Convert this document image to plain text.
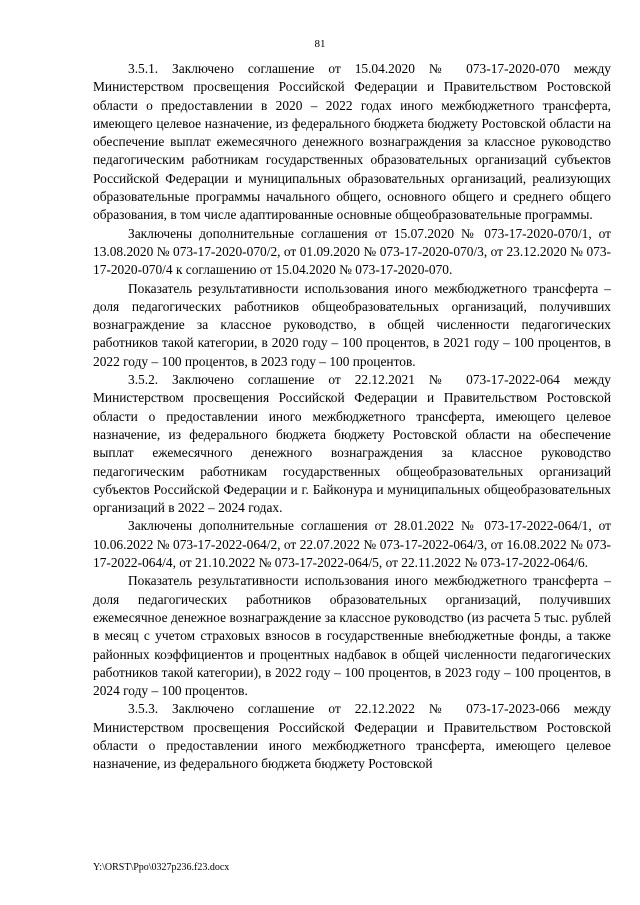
81

3.5.1. Заключено соглашение от 15.04.2020 № 073-17-2020-070 между Министерством просвещения Российской Федерации и Правительством Ростовской области о предоставлении в 2020 – 2022 годах иного межбюджетного трансферта, имеющего целевое назначение, из федерального бюджета бюджету Ростовской области на обеспечение выплат ежемесячного денежного вознаграждения за классное руководство педагогическим работникам государственных образовательных организаций субъектов Российской Федерации и муниципальных образовательных организаций, реализующих образовательные программы начального общего, основного общего и среднего общего образования, в том числе адаптированные основные общеобразовательные программы.

Заключены дополнительные соглашения от 15.07.2020 № 073-17-2020-070/1, от 13.08.2020 № 073-17-2020-070/2, от 01.09.2020 № 073-17-2020-070/3, от 23.12.2020 № 073-17-2020-070/4 к соглашению от 15.04.2020 № 073-17-2020-070.

Показатель результативности использования иного межбюджетного трансферта – доля педагогических работников общеобразовательных организаций, получивших вознаграждение за классное руководство, в общей численности педагогических работников такой категории, в 2020 году – 100 процентов, в 2021 году – 100 процентов, в 2022 году – 100 процентов, в 2023 году – 100 процентов.

3.5.2. Заключено соглашение от 22.12.2021 № 073-17-2022-064 между Министерством просвещения Российской Федерации и Правительством Ростовской области о предоставлении иного межбюджетного трансферта, имеющего целевое назначение, из федерального бюджета бюджету Ростовской области на обеспечение выплат ежемесячного денежного вознаграждения за классное руководство педагогическим работникам государственных общеобразовательных организаций субъектов Российской Федерации и г. Байконура и муниципальных общеобразовательных организаций в 2022 – 2024 годах.

Заключены дополнительные соглашения от 28.01.2022 № 073-17-2022-064/1, от 10.06.2022 № 073-17-2022-064/2, от 22.07.2022 № 073-17-2022-064/3, от 16.08.2022 № 073-17-2022-064/4, от 21.10.2022 № 073-17-2022-064/5, от 22.11.2022 № 073-17-2022-064/6.

Показатель результативности использования иного межбюджетного трансферта – доля педагогических работников образовательных организаций, получивших ежемесячное денежное вознаграждение за классное руководство (из расчета 5 тыс. рублей в месяц с учетом страховых взносов в государственные внебюджетные фонды, а также районных коэффициентов и процентных надбавок в общей численности педагогических работников такой категории), в 2022 году – 100 процентов, в 2023 году – 100 процентов, в 2024 году – 100 процентов.

3.5.3. Заключено соглашение от 22.12.2022 № 073-17-2023-066 между Министерством просвещения Российской Федерации и Правительством Ростовской области о предоставлении иного межбюджетного трансферта, имеющего целевое назначение, из федерального бюджета бюджету Ростовской

Y:\ORST\Ppo\0327p236.f23.docx
